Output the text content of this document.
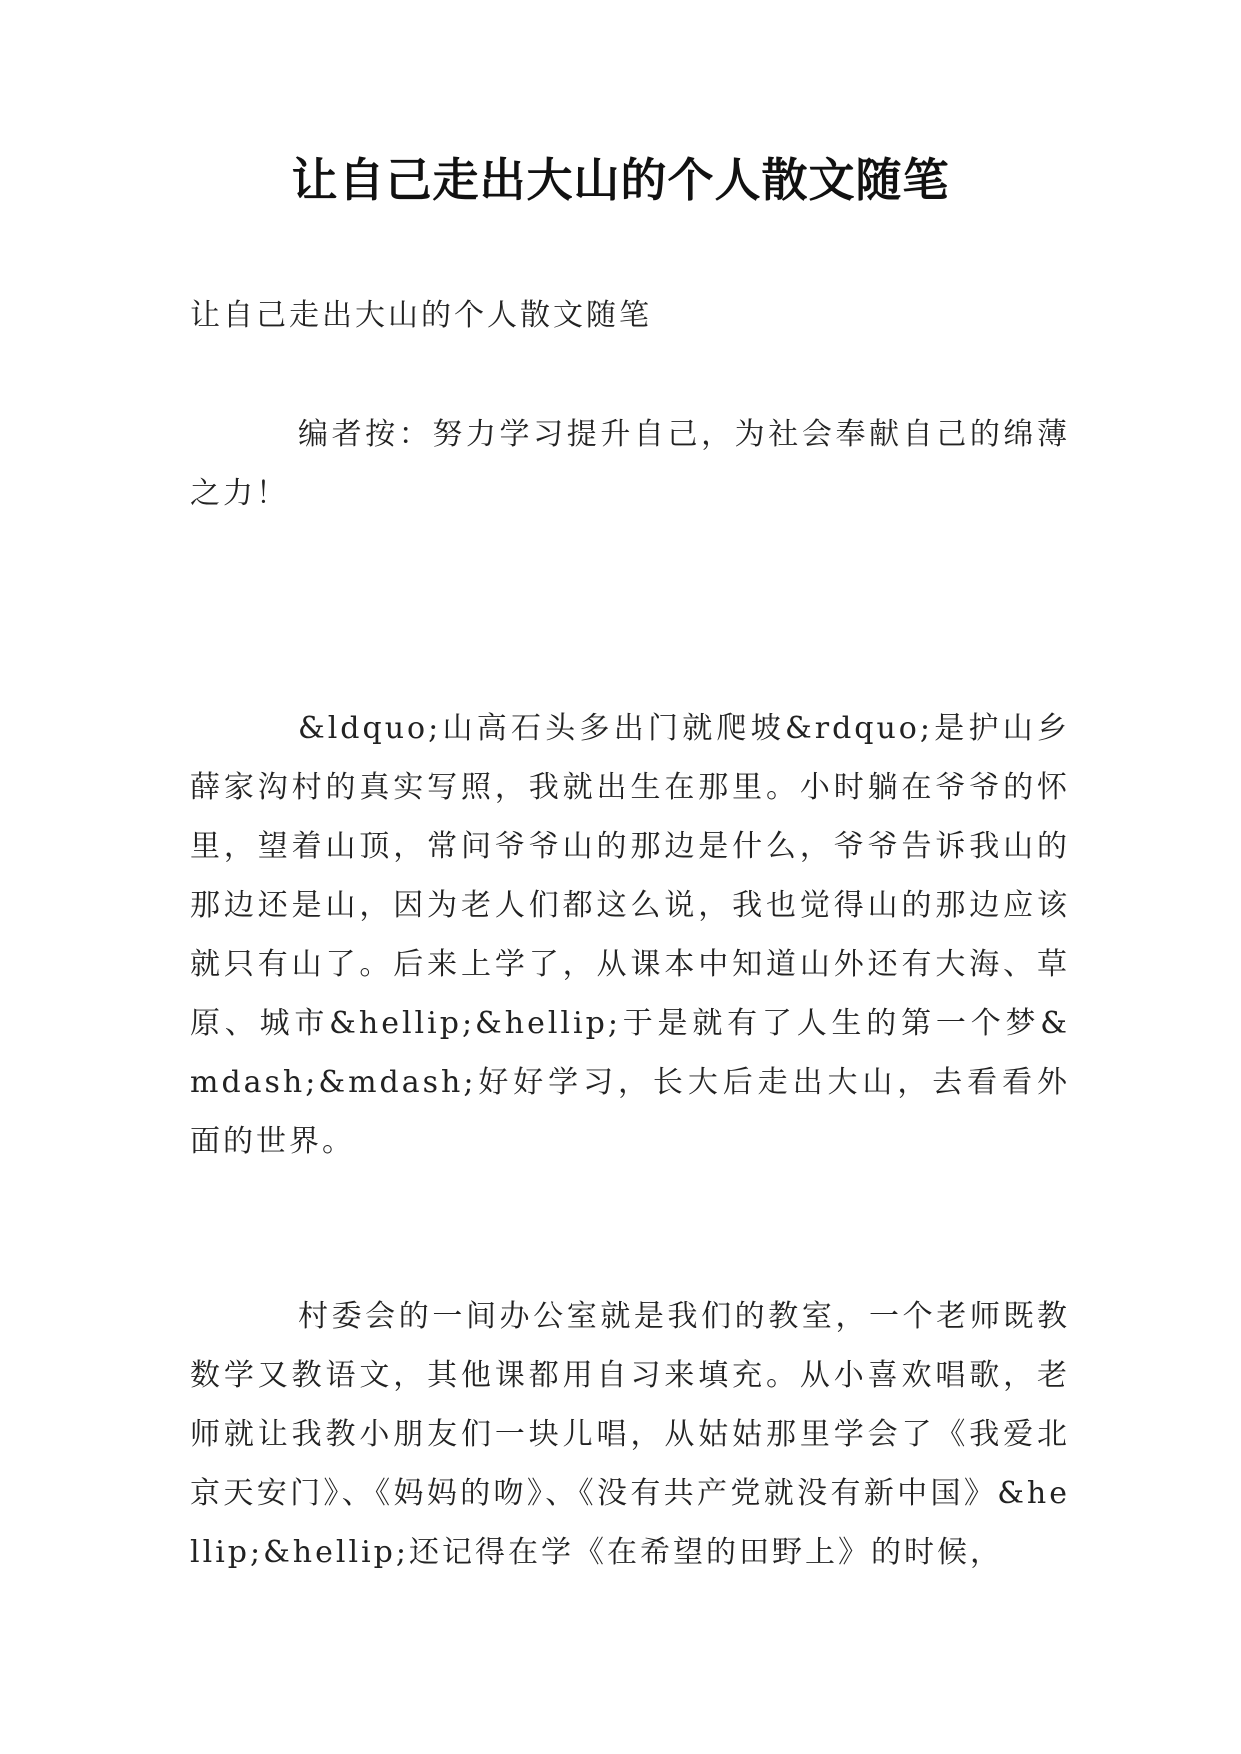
让自己走出大山的个人散文随笔

让自己走出大山的个人散文随笔

编者按：努力学习提升自己，为社会奉献自己的绵薄之力！

&ldquo;山高石头多出门就爬坡&rdquo;是护山乡薛家沟村的真实写照，我就出生在那里。小时躺在爷爷的怀里，望着山顶，常问爷爷山的那边是什么，爷爷告诉我山的那边还是山，因为老人们都这么说，我也觉得山的那边应该就只有山了。后来上学了，从课本中知道山外还有大海、草原、城市&hellip;&hellip;于是就有了人生的第一个梦&mdash;&mdash;好好学习，长大后走出大山，去看看外面的世界。

村委会的一间办公室就是我们的教室，一个老师既教数学又教语文，其他课都用自习来填充。从小喜欢唱歌，老师就让我教小朋友们一块儿唱，从姑姑那里学会了《我爱北京天安门》、《妈妈的吻》、《没有共产党就没有新中国》&hellip;&hellip;还记得在学《在希望的田野上》的时候，
